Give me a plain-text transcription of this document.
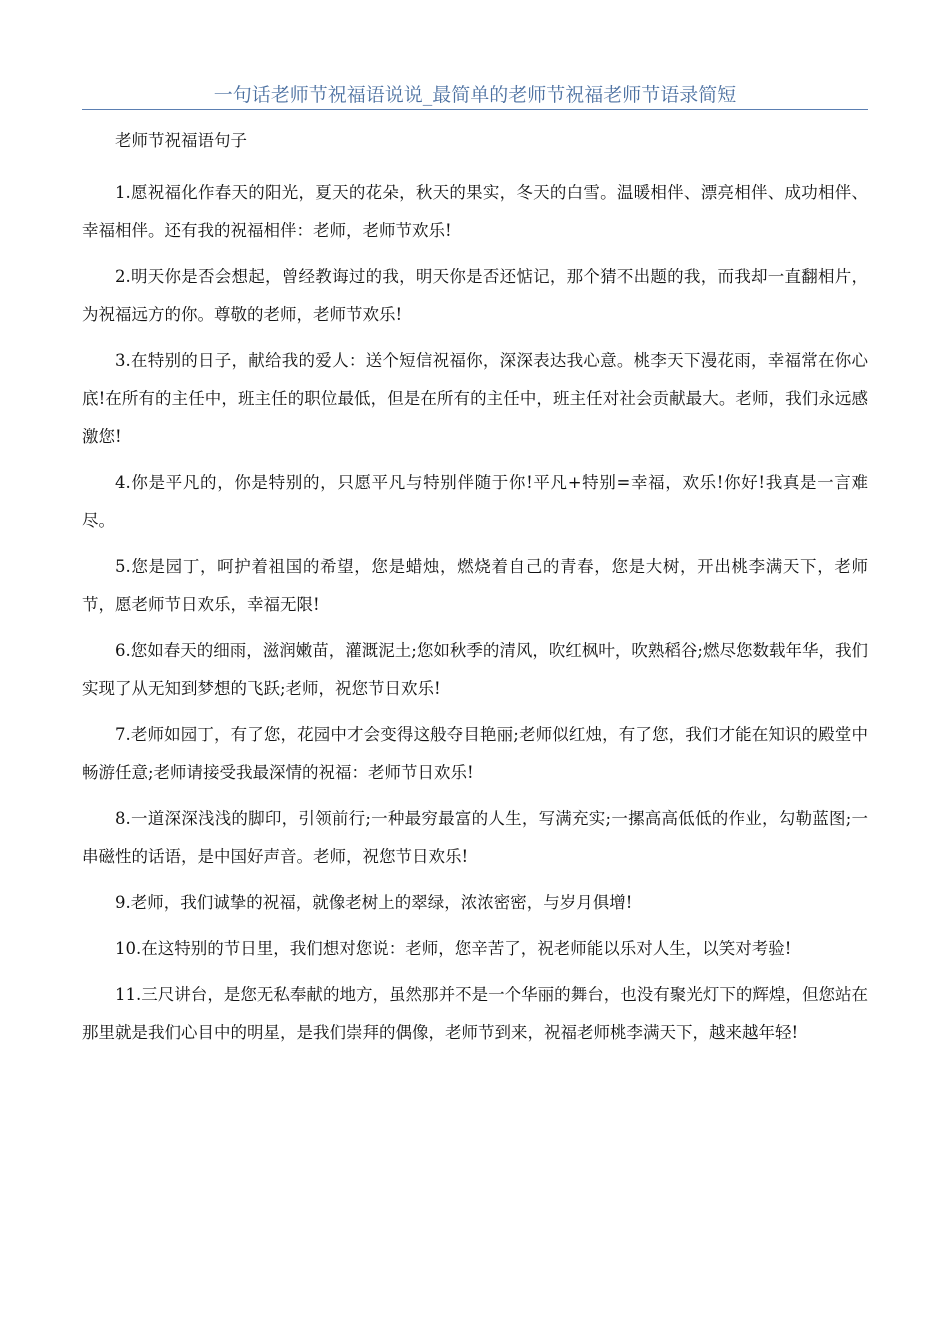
一句话老师节祝福语说说_最简单的老师节祝福老师节语录简短

老师节祝福语句子

1.愿祝福化作春天的阳光，夏天的花朵，秋天的果实，冬天的白雪。温暖相伴、漂亮相伴、成功相伴、幸福相伴。还有我的祝福相伴：老师，老师节欢乐!

2.明天你是否会想起，曾经教诲过的我，明天你是否还惦记，那个猜不出题的我，而我却一直翻相片，为祝福远方的你。尊敬的老师，老师节欢乐!

3.在特别的日子，献给我的爱人：送个短信祝福你，深深表达我心意。桃李天下漫花雨，幸福常在你心底!在所有的主任中，班主任的职位最低，但是在所有的主任中，班主任对社会贡献最大。老师，我们永远感激您!

4.你是平凡的，你是特别的，只愿平凡与特别伴随于你!平凡+特别=幸福，欢乐!你好!我真是一言难尽。

5.您是园丁，呵护着祖国的希望，您是蜡烛，燃烧着自己的青春，您是大树，开出桃李满天下，老师节，愿老师节日欢乐，幸福无限!

6.您如春天的细雨，滋润嫩苗，灌溉泥土;您如秋季的清风，吹红枫叶，吹熟稻谷;燃尽您数载年华，我们实现了从无知到梦想的飞跃;老师，祝您节日欢乐!

7.老师如园丁，有了您，花园中才会变得这般夺目艳丽;老师似红烛，有了您，我们才能在知识的殿堂中畅游任意;老师请接受我最深情的祝福：老师节日欢乐!

8.一道深深浅浅的脚印，引领前行;一种最穷最富的人生，写满充实;一摞高高低低的作业，勾勒蓝图;一串磁性的话语，是中国好声音。老师，祝您节日欢乐!

9.老师，我们诚挚的祝福，就像老树上的翠绿，浓浓密密，与岁月俱增!

10.在这特别的节日里，我们想对您说：老师，您辛苦了，祝老师能以乐对人生，以笑对考验!

11.三尺讲台，是您无私奉献的地方，虽然那并不是一个华丽的舞台，也没有聚光灯下的辉煌，但您站在那里就是我们心目中的明星，是我们崇拜的偶像，老师节到来，祝福老师桃李满天下，越来越年轻!
